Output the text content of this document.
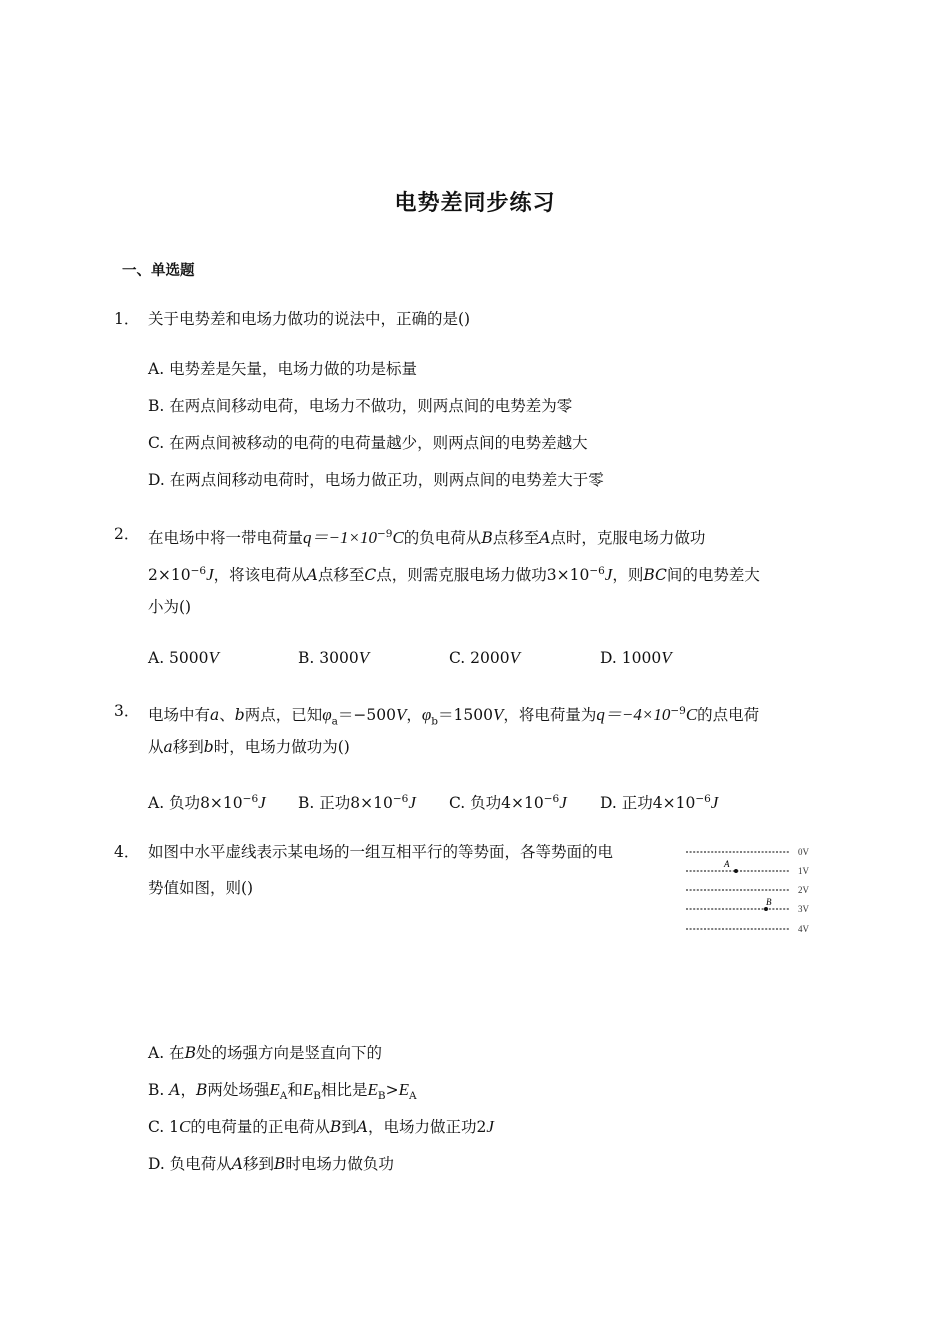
电势差同步练习
一、单选题
1． 关于电势差和电场力做功的说法中，正确的是()
A. 电势差是矢量，电场力做的功是标量
B. 在两点间移动电荷，电场力不做功，则两点间的电势差为零
C. 在两点间被移动的电荷的电荷量越少，则两点间的电势差越大
D. 在两点间移动电荷时，电场力做正功，则两点间的电势差大于零
2． 在电场中将一带电荷量$q=-1\times 10^{-9}C$的负电荷从B点移至A点时，克服电场力做功
$2\times 10^{-6}J$，将该电荷从A点移至C点，则需克服电场力做功$3\times 10^{-6}J$，则BC间的电势差大
小为()
A. 5000V	B. 3000V	C. 2000V	D. 1000V
3． 电场中有a、b两点，已知$\varphi_a=-500V$，$\varphi_b=1500V$，将电荷量为$q=-4\times 10^{-9}C$的点电荷
从a移到b时，电场力做功为()
A. 负功$8\times 10^{-6}J$ B. 正功$8\times 10^{-6}J$ C. 负功$4\times 10^{-6}J$ D. 正功$4\times 10^{-6}J$
4． 如图中水平虚线表示某电场的一组互相平行的等势面，各等势面的电
势值如图，则()
0V
1V
2V
3V
4V
A
B
A. 在B处的场强方向是竖直向下的
B. A，B两处场强$E_A$和$E_B$相比是$E_B>E_A$
C. 1C的电荷量的正电荷从B到A，电场力做正功2J
D. 负电荷从A移到B时电场力做负功
